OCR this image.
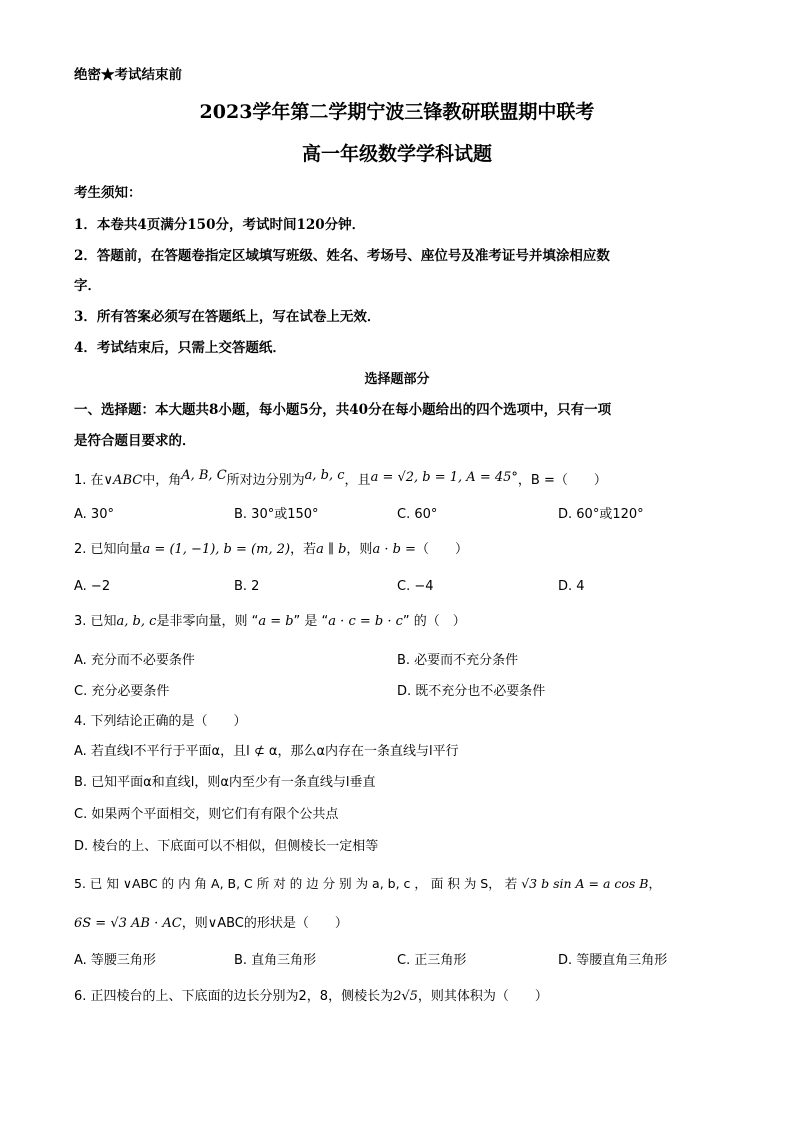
绝密★考试结束前
2023学年第二学期宁波三锋教研联盟期中联考
高一年级数学学科试题
考生须知：
1．本卷共4页满分150分，考试时间120分钟．
2．答题前，在答题卷指定区域填写班级、姓名、考场号、座位号及准考证号并填涂相应数
字．
3．所有答案必须写在答题纸上，写在试卷上无效．
4．考试结束后，只需上交答题纸．
选择题部分
一、选择题：本大题共8小题，每小题5分，共40分在每小题给出的四个选项中，只有一项
是符合题目要求的．
1. 在∨ABC中，角A, B, C所对边分别为a, b, c，且a = √2, b = 1, A = 45°，B =（　　）
A. 30°	B. 30°或150°	C. 60°	D. 60°或120°
2. 已知向量a = (1, −1), b = (m, 2)，若a ∥ b，则a · b =（　　）
A. −2	B. 2	C. −4	D. 4
3. 已知a, b, c是非零向量，则 “a = b” 是 “a · c = b · c” 的（　）
A. 充分而不必要条件	B. 必要而不充分条件
C. 充分必要条件	D. 既不充分也不必要条件
4. 下列结论正确的是（　　）
A. 若直线l不平行于平面α，且l ⊄ α，那么α内存在一条直线与l平行
B. 已知平面α和直线l，则α内至少有一条直线与l垂直
C. 如果两个平面相交，则它们有有限个公共点
D. 棱台的上、下底面可以不相似，但侧棱长一定相等
5. 已 知 ∨ABC 的 内 角 A, B, C 所 对 的 边 分 别 为 a, b, c ， 面 积 为 S， 若 √3 b sin A = a cos B，
6S = √3 AB · AC，则∨ABC的形状是（　　）
A. 等腰三角形	B. 直角三角形	C. 正三角形	D. 等腰直角三角形
6. 正四棱台的上、下底面的边长分别为2，8，侧棱长为2√5，则其体积为（　　）
